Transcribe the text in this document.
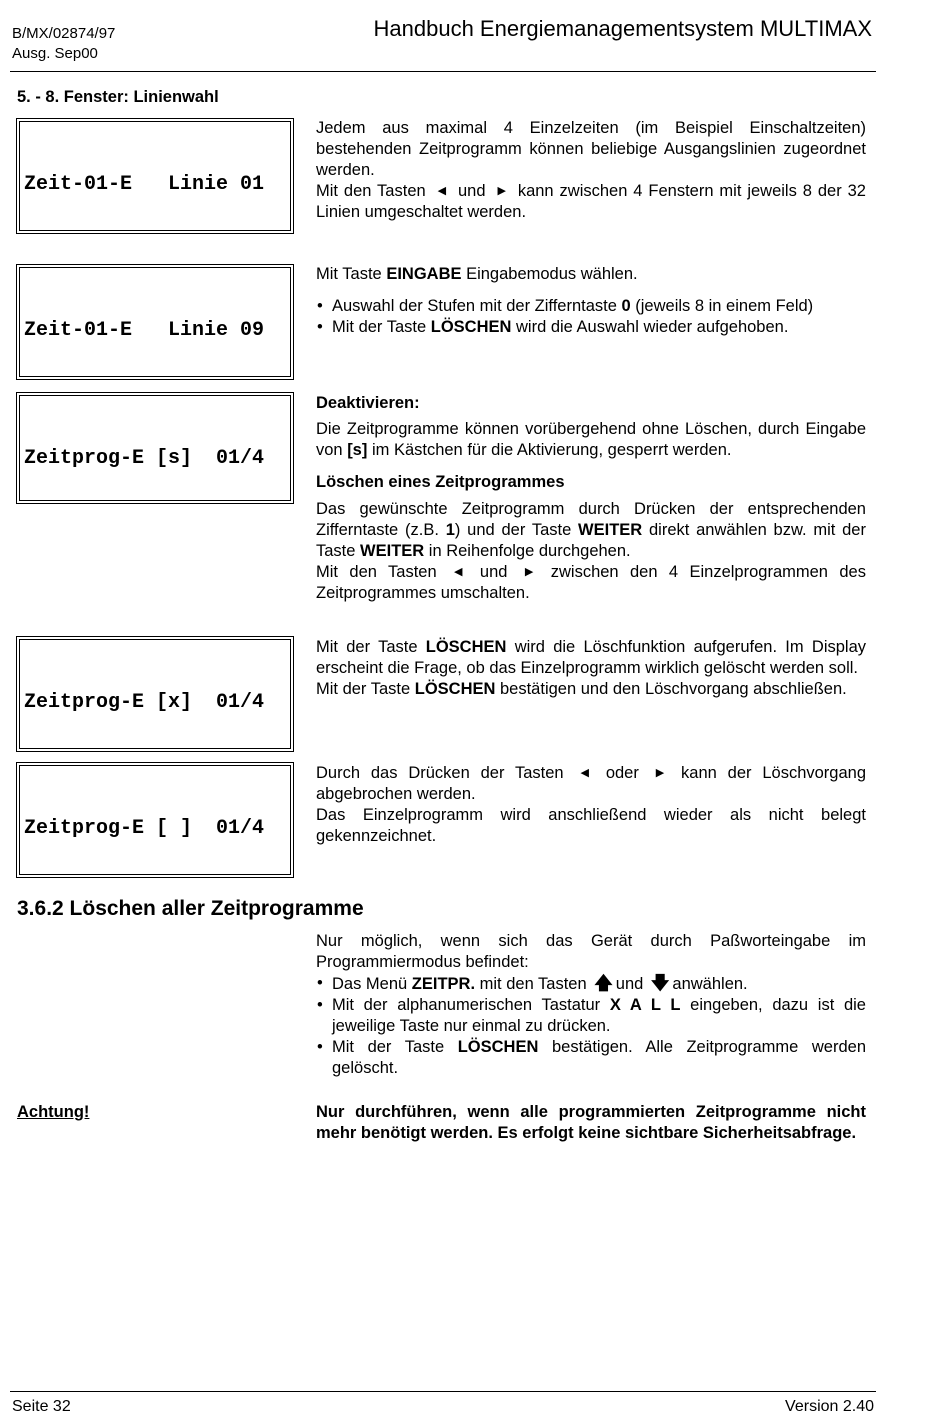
B/MX/02874/97
Ausg. Sep00
Handbuch Energiemanagementsystem MULTIMAX
5. - 8. Fenster: Linienwahl

Zeit-01-E   Linie 01

Zeit-01-E   Linie 09

Zeitprog-E [s]  01/4

Zeitprog-E [x]  01/4

Zeitprog-E [ ]  01/4

Jedem aus maximal 4 Einzelzeiten (im Beispiel Einschaltzeiten) bestehenden Zeitprogramm können beliebige Ausgangslinien zugeordnet werden.

Mit den Tasten ◀ und ▶ kann zwischen 4 Fenstern mit jeweils 8 der 32 Linien umgeschaltet werden.

Mit Taste EINGABE Eingabemodus wählen.

• Auswahl der Stufen mit der Zifferntaste 0 (jeweils 8 in einem Feld)
• Mit der Taste LÖSCHEN wird die Auswahl wieder aufgehoben.

Deaktivieren:

Die Zeitprogramme können vorübergehend ohne Löschen, durch Eingabe von [s] im Kästchen für die Aktivierung, gesperrt werden.

Löschen eines Zeitprogrammes

Das gewünschte Zeitprogramm durch Drücken der entsprechenden Zifferntaste (z.B. 1) und der Taste WEITER direkt anwählen bzw. mit der Taste WEITER in Reihenfolge durchgehen.

Mit den Tasten ◀ und ▶ zwischen den 4 Einzelprogrammen des Zeitprogrammes umschalten.

Mit der Taste LÖSCHEN wird die Löschfunktion aufgerufen. Im Display erscheint die Frage, ob das Einzelprogramm wirklich gelöscht werden soll.

Mit der Taste LÖSCHEN bestätigen und den Löschvorgang abschließen.

Durch das Drücken der Tasten ◀ oder ▶ kann der Löschvorgang abgebrochen werden.

Das Einzelprogramm wird anschließend wieder als nicht belegt gekennzeichnet.

3.6.2 Löschen aller Zeitprogramme

Nur möglich, wenn sich das Gerät durch Paßworteingabe im Programmiermodus befindet:

• Das Menü ZEITPR. mit den Tasten 🡅 und 🡇 anwählen.
• Mit der alphanumerischen Tastatur X A L L eingeben, dazu ist die jeweilige Taste nur einmal zu drücken.
• Mit der Taste LÖSCHEN bestätigen. Alle Zeitprogramme werden gelöscht.
Achtung!	Nur durchführen, wenn alle programmierten Zeitprogramme nicht mehr benötigt werden. Es erfolgt keine sichtbare Sicherheitsabfrage.
Seite 32	Version 2.40
